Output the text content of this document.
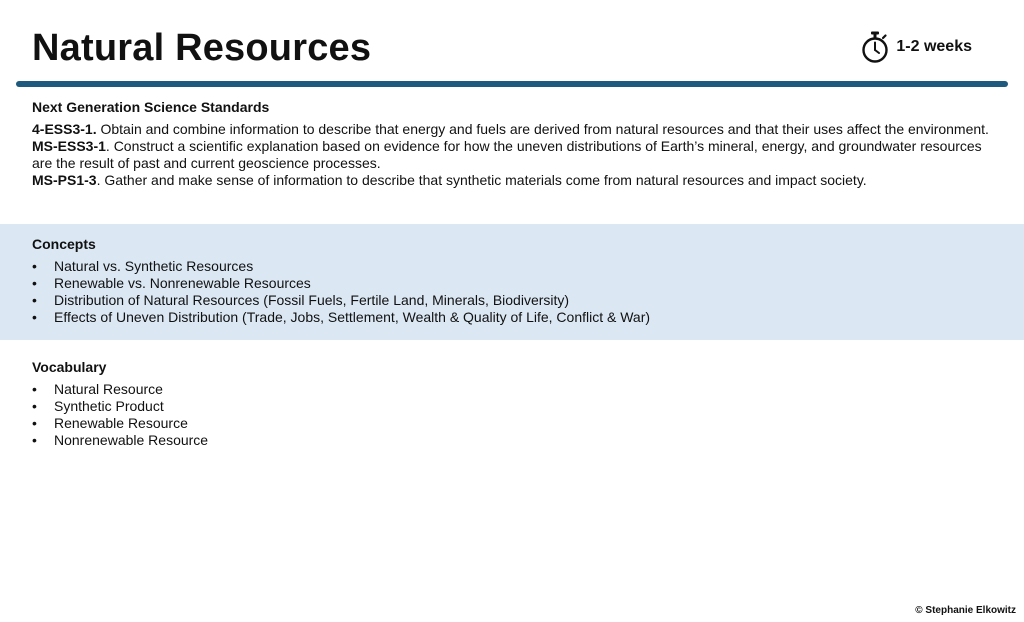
Natural Resources	1-2 weeks
Next Generation Science Standards

4-ESS3-1. Obtain and combine information to describe that energy and fuels are derived from natural resources and that their uses affect the environment.

MS-ESS3-1. Construct a scientific explanation based on evidence for how the uneven distributions of Earth’s mineral, energy, and groundwater resources are the result of past and current geoscience processes.

MS-PS1-3. Gather and make sense of information to describe that synthetic materials come from natural resources and impact society.

Concepts
• Natural vs. Synthetic Resources
• Renewable vs. Nonrenewable Resources
• Distribution of Natural Resources (Fossil Fuels, Fertile Land, Minerals, Biodiversity)
• Effects of Uneven Distribution (Trade, Jobs, Settlement, Wealth & Quality of Life, Conflict & War)
Vocabulary
• Natural Resource
• Synthetic Product
• Renewable Resource
• Nonrenewable Resource
© Stephanie Elkowitz
